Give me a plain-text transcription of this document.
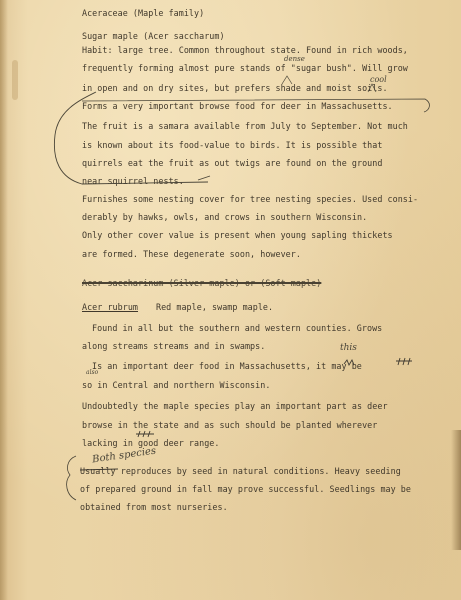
Aceraceae (Maple family)
Sugar maple (Acer saccharum)
Habit: large tree. Common throughout state. Found in rich woods,
frequently forming almost pure stands of "sugar bush". Will grow
in open and on dry sites, but prefers shade and moist soils.
Forms a very important browse food for deer in Massachusetts.
The fruit is a samara available from July to September. Not much
is known about its food-value to birds. It is possible that
quirrels eat the fruit as out twigs are found on the ground
near squirrel nests.
Furnishes some nesting cover for tree nesting species. Used consi-
derably by hawks, owls, and crows in southern Wisconsin.
Only other cover value is present when young sapling thickets
are formed. These degenerate soon, however.
Acer saccharinum (Silver maple) or (Soft maple)
Acer rubrum Red maple, swamp maple.
Found in all but the southern and western counties. Grows
along streams streams and in swamps.
Is an important deer food in Massachusetts, it may be
so in Central and northern Wisconsin.
Undoubtedly the maple species play an important part as deer
browse in the state and as such should be planted wherever
lacking in good deer range.
Usually reproduces by seed in natural conditions. Heavy seeding
of prepared ground in fall may prove successful. Seedlings may be
obtained from most nurseries.
dense
cool
this
also
Both species
